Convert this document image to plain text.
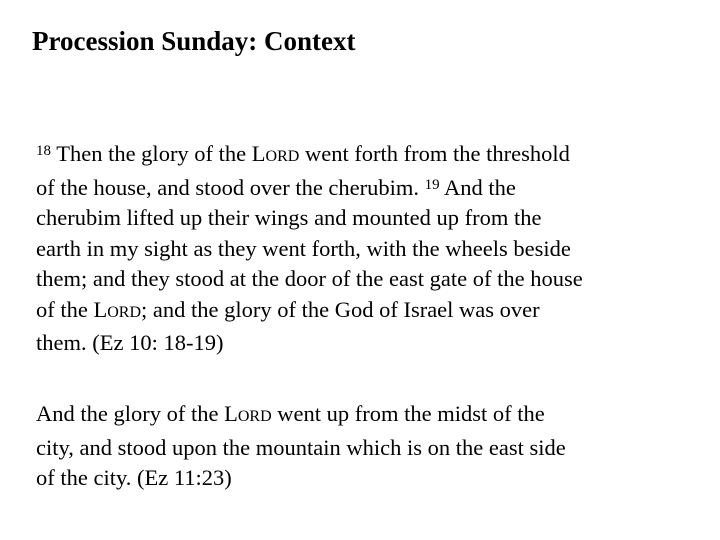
Procession Sunday: Context
$^{18}$ Then the glory of the LORD went forth from the threshold
of the house, and stood over the cherubim. $^{19}$ And the
cherubim lifted up their wings and mounted up from the
earth in my sight as they went forth, with the wheels beside
them; and they stood at the door of the east gate of the house
of the LORD; and the glory of the God of Israel was over
them. (Ez 10: 18-19)
And the glory of the LORD went up from the midst of the
city, and stood upon the mountain which is on the east side
of the city. (Ez 11:23)
